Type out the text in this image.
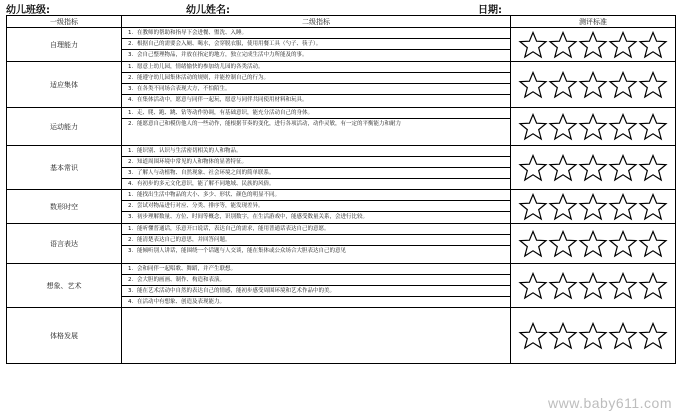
幼儿班级:	幼儿姓名:	日期:
一级指标	二级指标	测评标准
自理能力	1. 在教师的帮助和指导下会进餐、盥洗、入睡。
2. 根据自己的需要会入厕、喝水，会穿脱衣服，使用用餐工具（勺子、筷子）。
3. 会自己整理物品，并放在指定的地方，独立完成生活中力所能及的事。

适应集体	1. 愿意上幼儿园，情绪愉快的参加幼儿园的各类活动。
2. 能遵守幼儿园集体活动的规则，并能控制自己的行为。
3. 在各类不同场合表现大方，不怕陌生。
4. 在集体活动中，愿意与同伴一起玩，愿意与同伴共同使用材料和玩具。

运动能力	1. 走、爬、跑、跳、钻等动作协调，有基础意识，能充分活动自己的身体。
2. 能愿意自己和模仿他人的一些动作，能根据节奏的变化，进行各项活动，动作灵敏，有一定的平衡能力和耐力

基本常识	1. 能识别、认识与生活密切相关的人和物品。
2. 知道周围环境中常见的人和物体的显著特征。
3. 了解人与动植物、自然现象、社会环境之间的简单联系。
4. 有初步的多元文化意识，能了解不同地域、民族的风俗。

数形时空	1. 能找出生活中物品的大小、多少、形状、颜色的明显不同。
2. 尝试对物品进行对应、分类、排序等，能发现差异。
3. 初步理解数量、方位、时间等概念，识别数字，在生活游戏中，能感受数量关系，会进行比较。

语言表达	1. 能听懂普通话，乐意开口说话，表达自己的需求，能用普通话表达自己的意愿。
2. 能清楚表达自己的意思，并回答问题。
3. 能倾听别人讲话，能围绕一个话题与人交谈，能在集体或公众场合大胆表达自己的意见

想象、艺术	1. 会和同伴一起唱歌、舞蹈，并产生联想。
2. 会大胆的画画、制作、构造和表演。
3. 能在艺术活动中自然的表达自己的情感，能初步感受周围环境和艺术作品中的美。
4. 在活动中有想象、创造及表现能力。

体格发展		
www.baby611.com
